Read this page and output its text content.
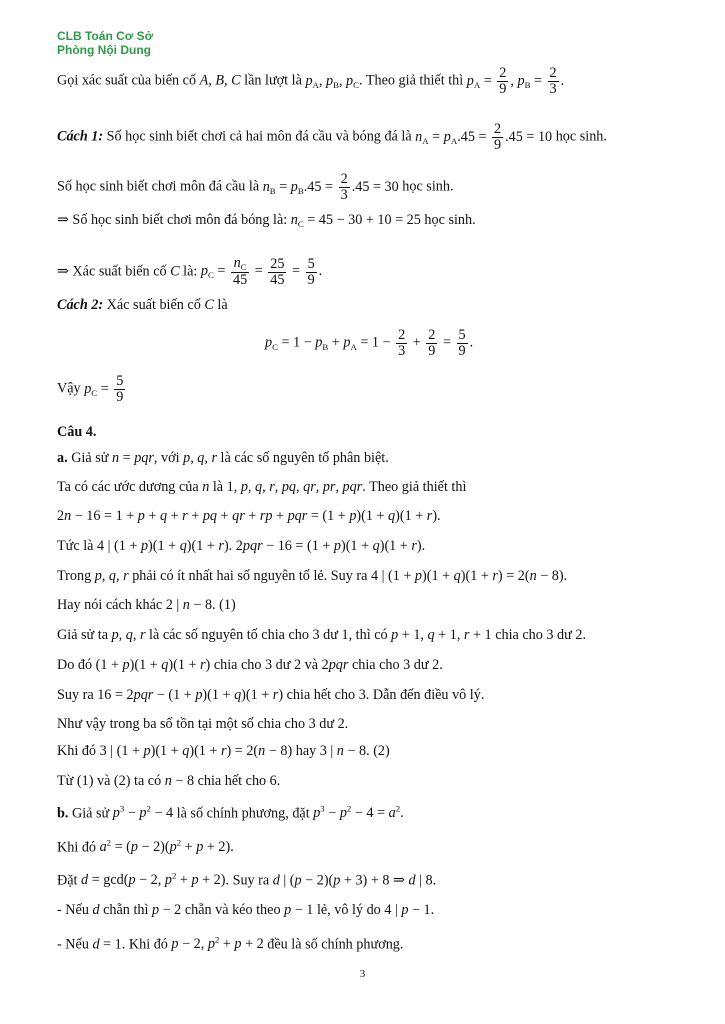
CLB Toán Cơ Sở
Phòng Nội Dung
Gọi xác suất của biến cố A, B, C lần lượt là $p_A$, $p_B$, $p_C$. Theo giả thiết thì $p_A = \frac{2}{9}$ , $p_B = \frac{2}{3}$ .
Cách 1: Số học sinh biết chơi cả hai môn đá cầu và bóng đá là $n_A = p_A.45 = \frac{2}{9} .45 = 10$ học sinh.
Số học sinh biết chơi môn đá cầu là $n_B = p_B.45 = \frac{2}{3} .45 = 30$ học sinh.
⇒ Số học sinh biết chơi môn đá bóng là: $n_C = 45 - 30 + 10 = 25$ học sinh.
⇒ Xác suất biến cố C là: $p_C = \frac{n_C}{45} = \frac{25}{45} = \frac{5}{9}$ .
Cách 2: Xác suất biến cố C là
$p_C = 1 - p_B + p_A = 1 - \frac{2}{3} + \frac{2}{9} = \frac{5}{9}$ .
Vậy $p_C = \frac{5}{9}$
Câu 4.
a. Giả sử n = pqr, với p, q, r là các số nguyên tố phân biệt.
Ta có các ước dương của n là 1, p, q, r, pq, qr, pr, pqr. Theo giả thiết thì
2n − 16 = 1 + p + q + r + pq + qr + rp + pqr = (1 + p)(1 + q)(1 + r).
Tức là 4 | (1 + p)(1 + q)(1 + r). 2pqr − 16 = (1 + p)(1 + q)(1 + r).
Trong p, q, r phải có ít nhất hai số nguyên tố lẻ. Suy ra 4 | (1 + p)(1 + q)(1 + r) = 2(n − 8).
Hay nói cách khác 2 | n − 8. (1)
Giả sử ta p, q, r là các số nguyên tố chia cho 3 dư 1, thì có p + 1, q + 1, r + 1 chia cho 3 dư 2.
Do đó (1 + p)(1 + q)(1 + r) chia cho 3 dư 2 và 2pqr chia cho 3 dư 2.
Suy ra 16 = 2pqr − (1 + p)(1 + q)(1 + r) chia hết cho 3. Dẫn đến điều vô lý.
Như vậy trong ba số tồn tại một số chia cho 3 dư 2.
Khi đó 3 | (1 + p)(1 + q)(1 + r) = 2(n − 8) hay 3 | n − 8. (2)
Từ (1) và (2) ta có n − 8 chia hết cho 6.
b. Giả sử $p^3 - p^2 - 4$ là số chính phương, đặt $p^3 - p^2 - 4 = a^2$.
Khi đó $a^2 = (p - 2)(p^2 + p + 2)$.
Đặt d = gcd(p − 2, $p^2 + p + 2$). Suy ra d | (p − 2)(p + 3) + 8 ⇒ d | 8.
- Nếu d chẵn thì p − 2 chẵn và kéo theo p − 1 lẻ, vô lý do 4 | p − 1.
- Nếu d = 1. Khi đó p − 2, $p^2 + p + 2$ đều là số chính phương.
3
